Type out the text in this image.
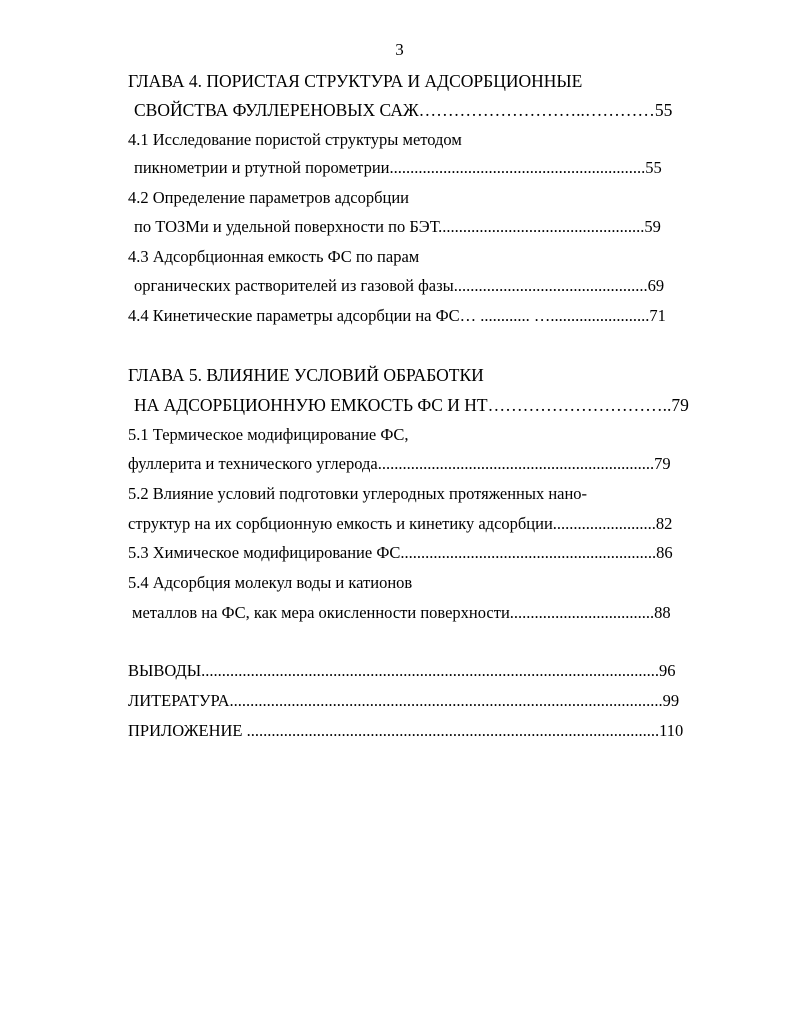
3
ГЛАВА 4. ПОРИСТАЯ СТРУКТУРА И АДСОРБЦИОННЫЕ
СВОЙСТВА ФУЛЛЕРЕНОВЫХ САЖ………………………..…………55
4.1 Исследование пористой структуры методом
пикнометрии и ртутной порометрии..............................................................55
4.2 Определение параметров адсорбции
по ТОЗМи и удельной поверхности по БЭТ..................................................59
4.3 Адсорбционная емкость ФС по парам
органических растворителей из газовой фазы...............................................69
4.4 Кинетические параметры адсорбции на ФС… ............ …........................71
ГЛАВА 5. ВЛИЯНИЕ УСЛОВИЙ ОБРАБОТКИ
НА АДСОРБЦИОННУЮ ЕМКОСТЬ ФС И НТ…………………………..79
5.1 Термическое модифицирование ФС,
фуллерита и технического углерода...................................................................79
5.2 Влияние условий подготовки углеродных протяженных нано-
структур на их сорбционную емкость и кинетику адсорбции.........................82
5.3 Химическое модифицирование ФС..............................................................86
5.4 Адсорбция молекул воды и катионов
металлов на ФС, как мера окисленности поверхности...................................88
ВЫВОДЫ...............................................................................................................96
ЛИТЕРАТУРА.........................................................................................................99
ПРИЛОЖЕНИЕ ....................................................................................................110
